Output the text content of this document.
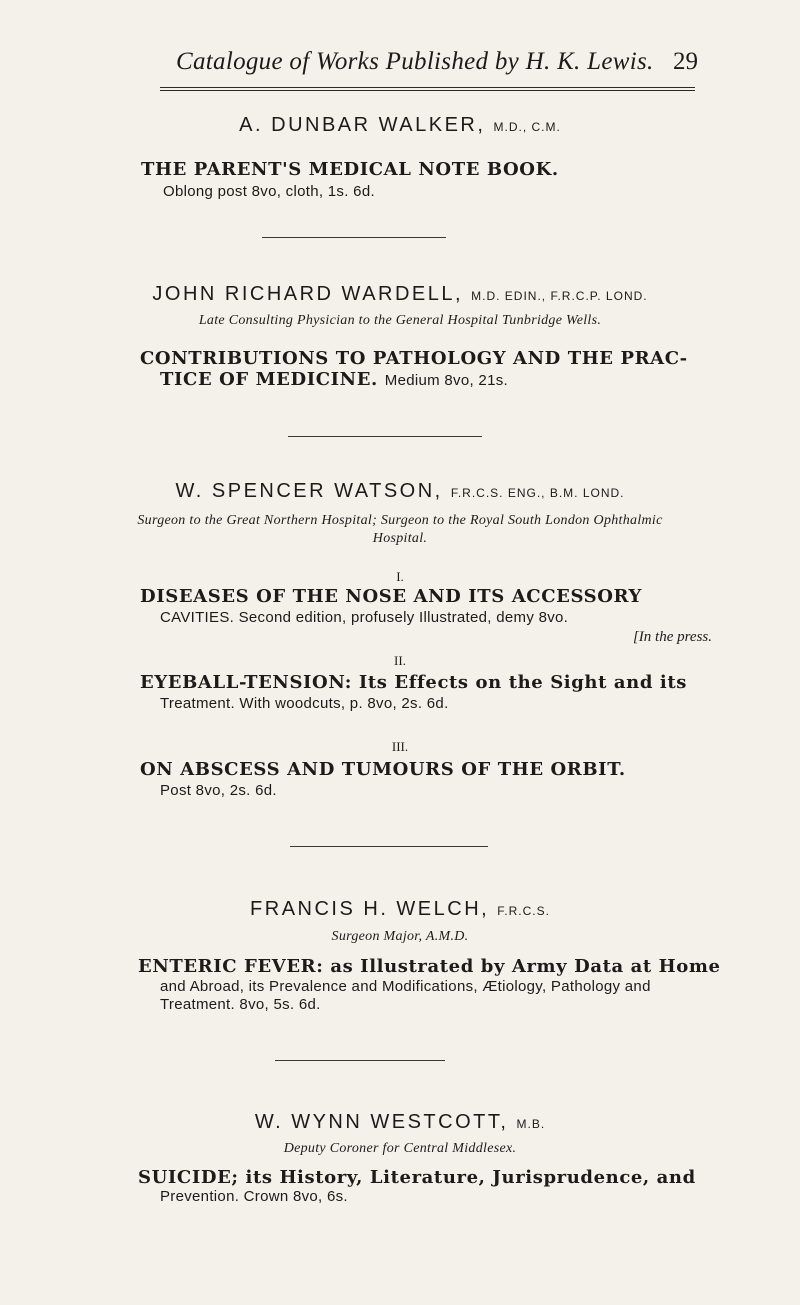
Catalogue of Works Published by H. K. Lewis. 29
A. DUNBAR WALKER, M.D., C.M.
THE PARENT'S MEDICAL NOTE BOOK.
Oblong post 8vo, cloth, 1s. 6d.
JOHN RICHARD WARDELL, M.D. EDIN., F.R.C.P. LOND.
Late Consulting Physician to the General Hospital Tunbridge Wells.
CONTRIBUTIONS TO PATHOLOGY AND THE PRAC-
TICE OF MEDICINE. Medium 8vo, 21s.
W. SPENCER WATSON, F.R.C.S. ENG., B.M. LOND.
Surgeon to the Great Northern Hospital; Surgeon to the Royal South London Ophthalmic
Hospital.
I.
DISEASES OF THE NOSE AND ITS ACCESSORY
CAVITIES. Second edition, profusely Illustrated, demy 8vo.
[In the press.
II.
EYEBALL-TENSION: Its Effects on the Sight and its
Treatment. With woodcuts, p. 8vo, 2s. 6d.
III.
ON ABSCESS AND TUMOURS OF THE ORBIT.
Post 8vo, 2s. 6d.
FRANCIS H. WELCH, F.R.C.S.
Surgeon Major, A.M.D.
ENTERIC FEVER: as Illustrated by Army Data at Home
and Abroad, its Prevalence and Modifications, Ætiology, Pathology and
Treatment. 8vo, 5s. 6d.
W. WYNN WESTCOTT, M.B.
Deputy Coroner for Central Middlesex.
SUICIDE; its History, Literature, Jurisprudence, and
Prevention. Crown 8vo, 6s.
